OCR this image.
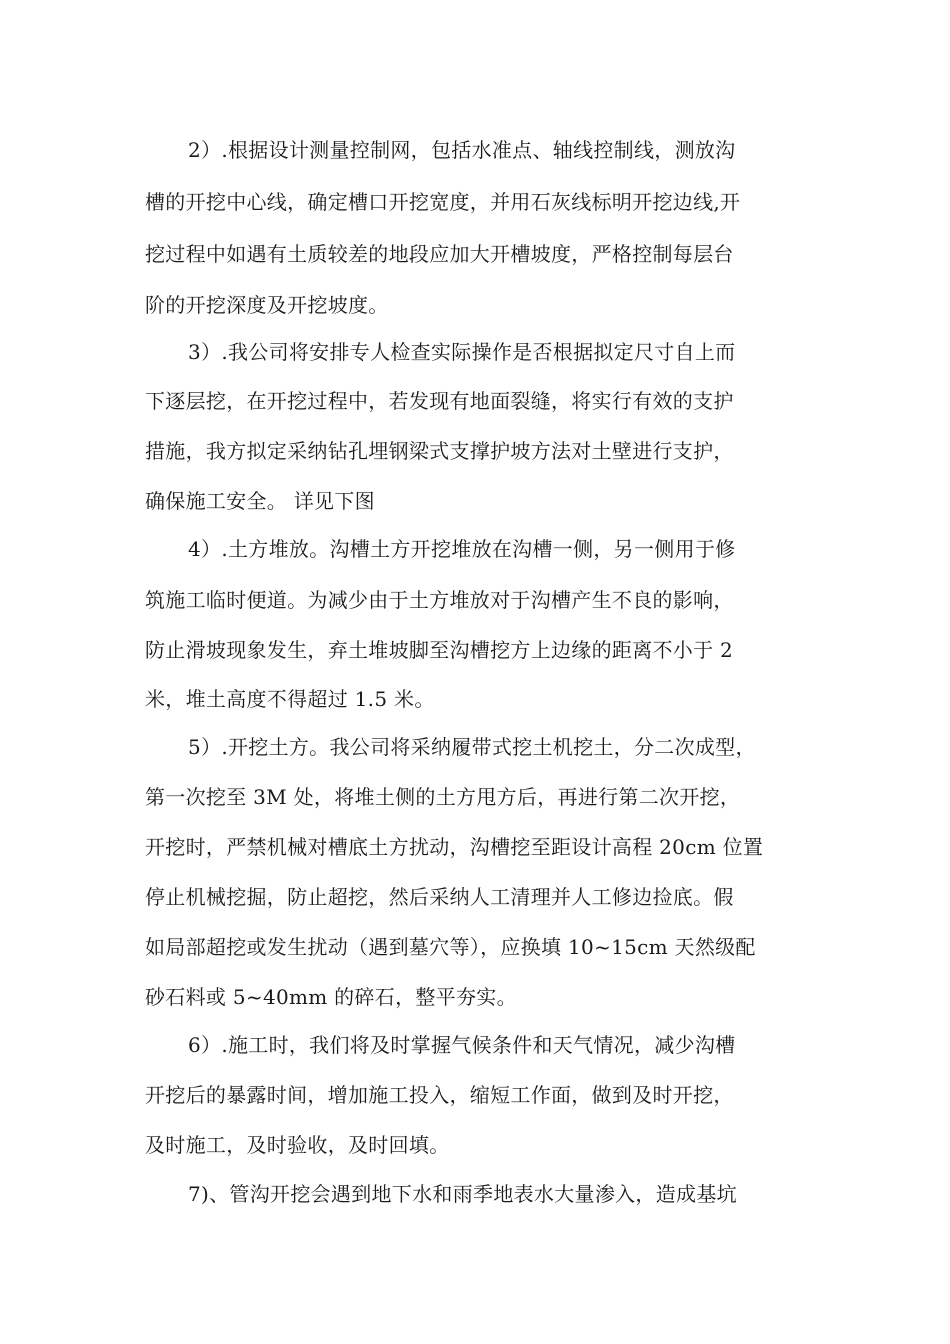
2）.根据设计测量控制网，包括水准点、轴线控制线，测放沟
槽的开挖中心线，确定槽口开挖宽度，并用石灰线标明开挖边线,开
挖过程中如遇有土质较差的地段应加大开槽坡度，严格控制每层台
阶的开挖深度及开挖坡度。
3）.我公司将安排专人检查实际操作是否根据拟定尺寸自上而
下逐层挖，在开挖过程中，若发现有地面裂缝，将实行有效的支护
措施，我方拟定采纳钻孔埋钢梁式支撑护坡方法对土壁进行支护，
确保施工安全。 详见下图
4）.土方堆放。沟槽土方开挖堆放在沟槽一侧，另一侧用于修
筑施工临时便道。为减少由于土方堆放对于沟槽产生不良的影响，
防止滑坡现象发生，弃土堆坡脚至沟槽挖方上边缘的距离不小于 2
米，堆土高度不得超过 1.5 米。
5）.开挖土方。我公司将采纳履带式挖土机挖土，分二次成型，
第一次挖至 3M 处，将堆土侧的土方甩方后，再进行第二次开挖，
开挖时，严禁机械对槽底土方扰动，沟槽挖至距设计高程 20cm 位置
停止机械挖掘，防止超挖，然后采纳人工清理并人工修边捡底。假
如局部超挖或发生扰动（遇到墓穴等），应换填 10~15cm 天然级配
砂石料或 5~40mm 的碎石，整平夯实。
6）.施工时，我们将及时掌握气候条件和天气情况，减少沟槽
开挖后的暴露时间，增加施工投入，缩短工作面，做到及时开挖，
及时施工，及时验收，及时回填。
7)、管沟开挖会遇到地下水和雨季地表水大量渗入，造成基坑
